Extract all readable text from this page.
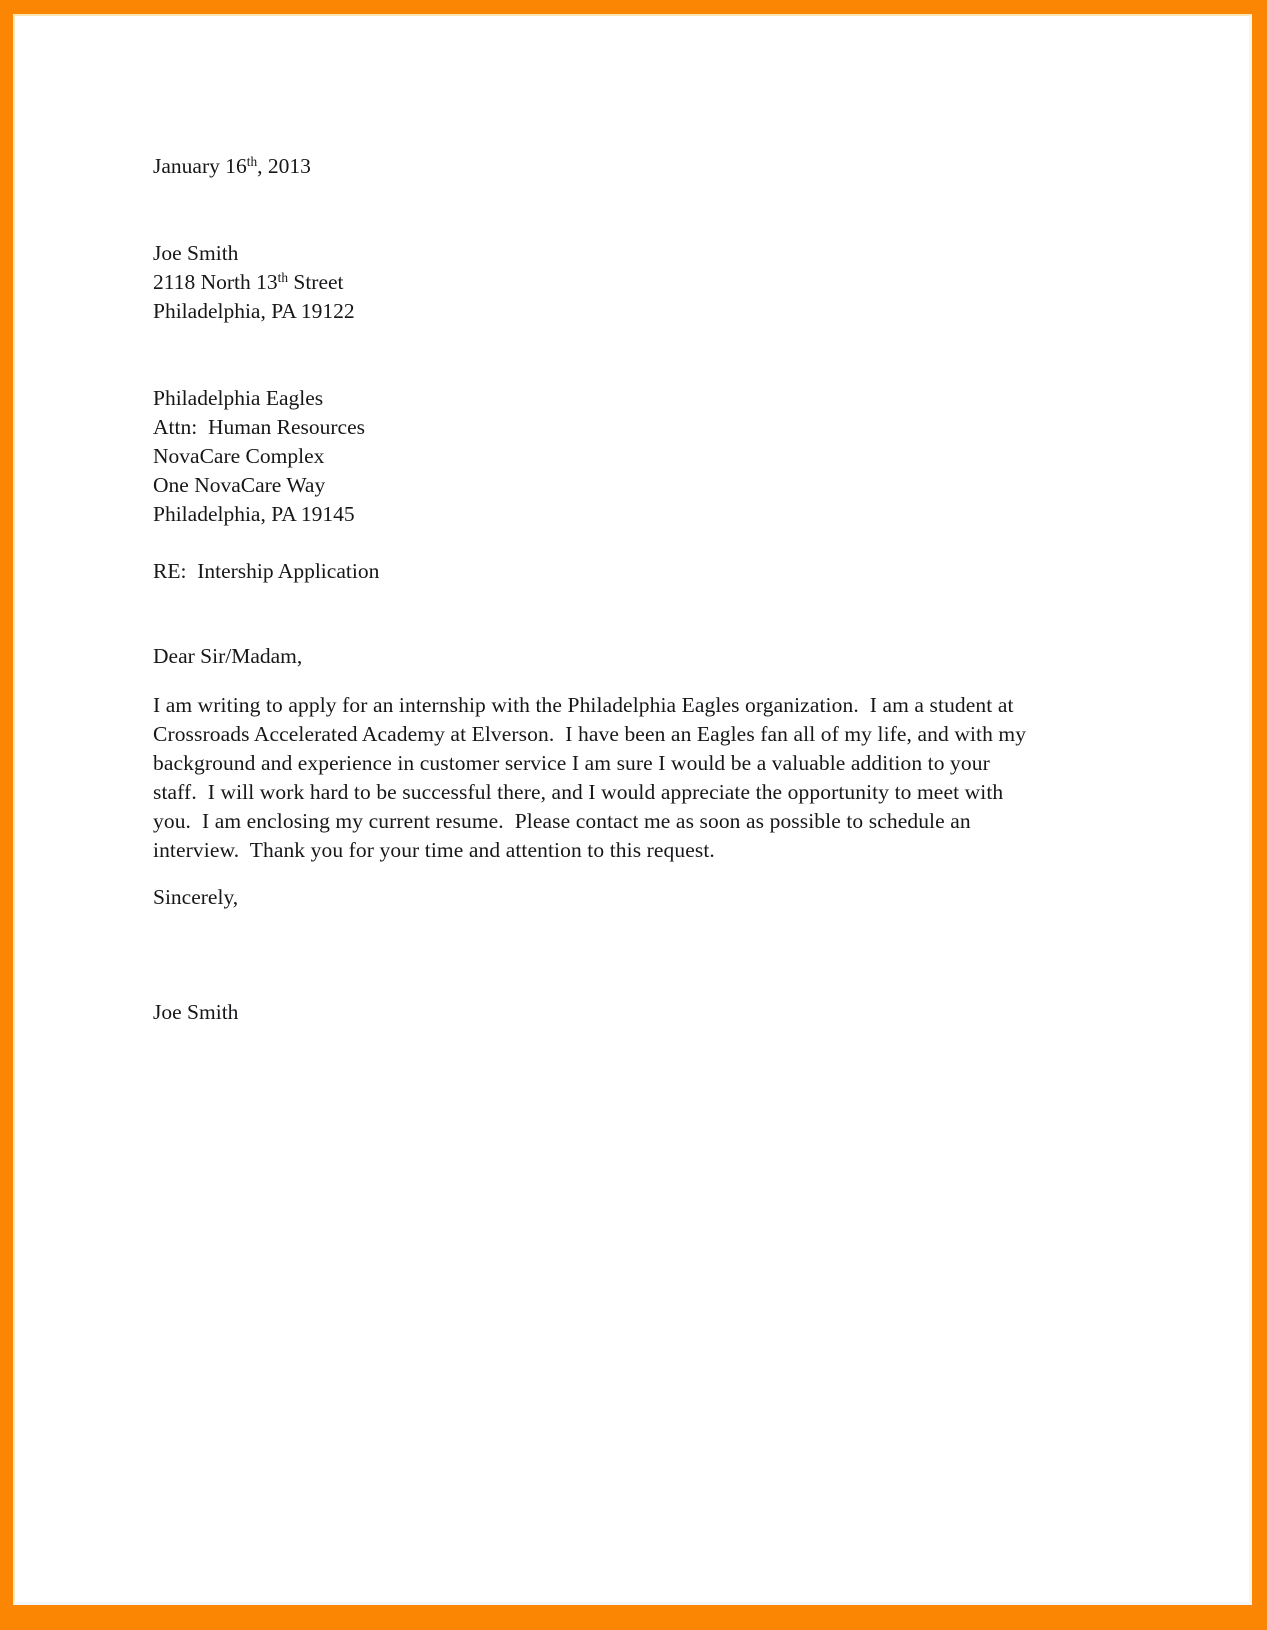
January 16th, 2013

Joe Smith

2118 North 13th Street

Philadelphia, PA 19122

Philadelphia Eagles

Attn:  Human Resources

NovaCare Complex

One NovaCare Way

Philadelphia, PA 19145

RE:  Intership Application

Dear Sir/Madam,

I am writing to apply for an internship with the Philadelphia Eagles organization.  I am a student at

Crossroads Accelerated Academy at Elverson.  I have been an Eagles fan all of my life, and with my

background and experience in customer service I am sure I would be a valuable addition to your

staff.  I will work hard to be successful there, and I would appreciate the opportunity to meet with

you.  I am enclosing my current resume.  Please contact me as soon as possible to schedule an

interview.  Thank you for your time and attention to this request.

Sincerely,

Joe Smith
